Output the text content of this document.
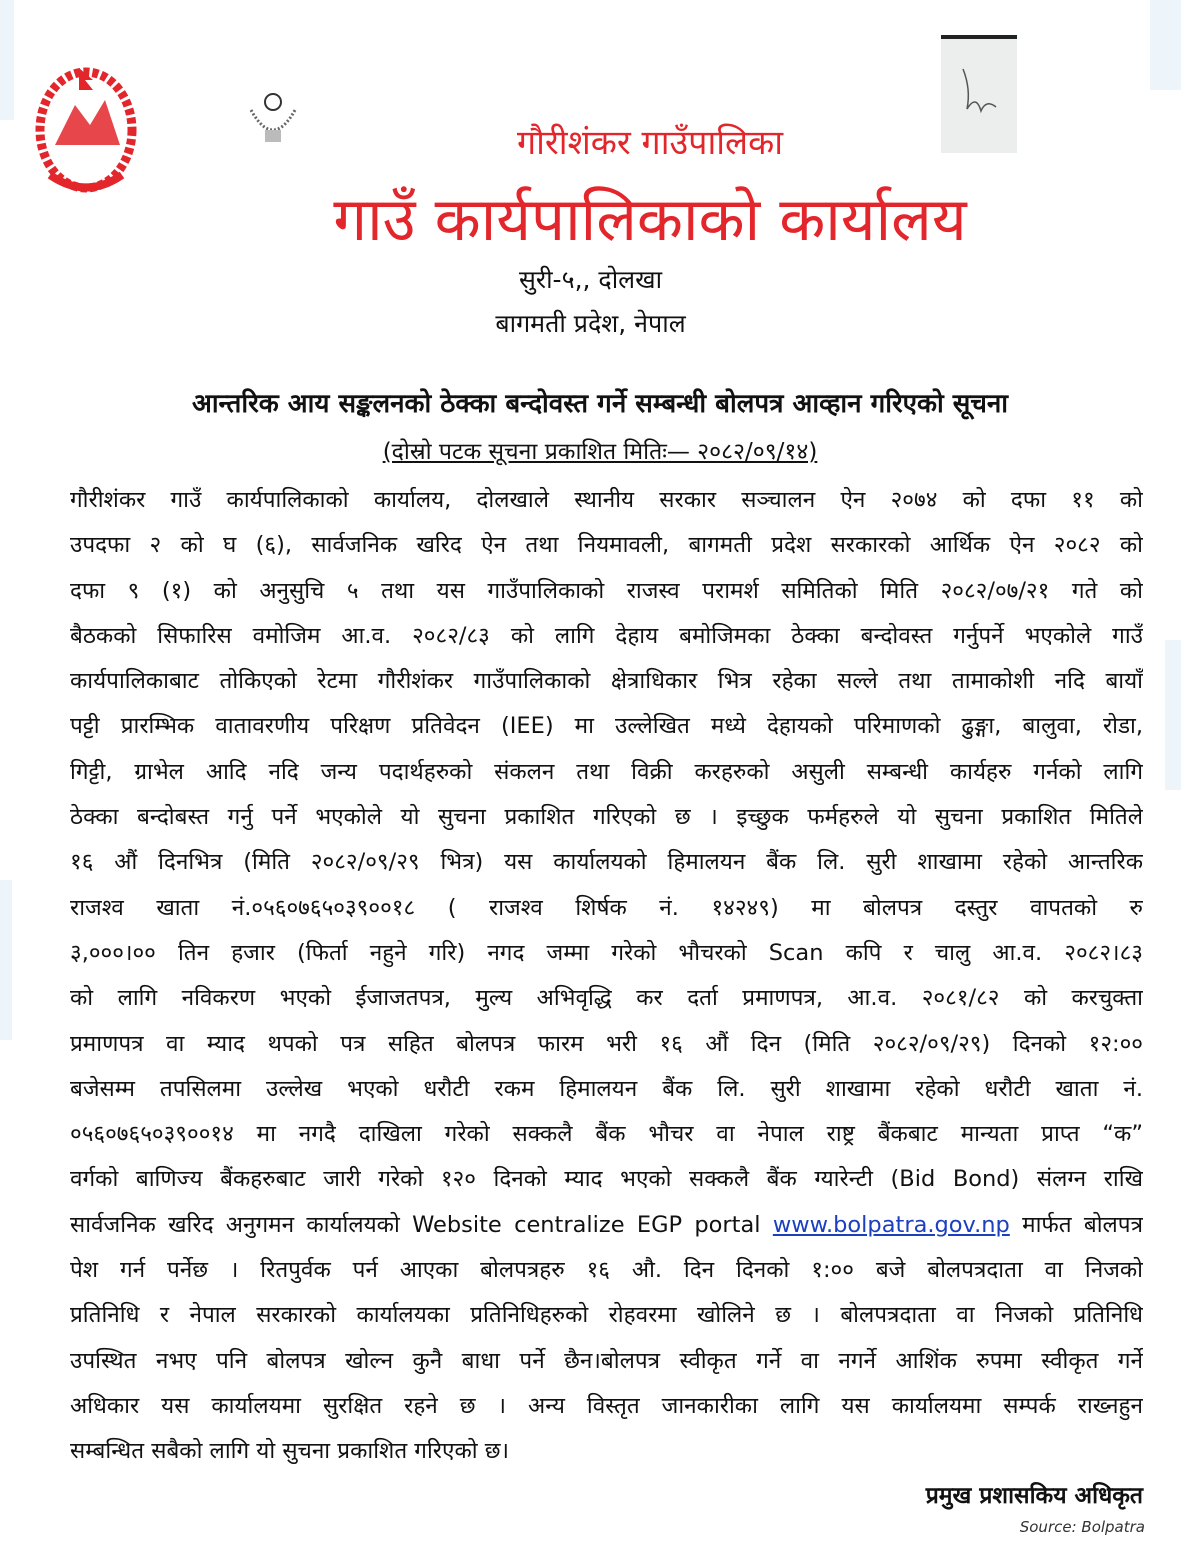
गौरीशंकर गाउँपालिका
गाउँ कार्यपालिकाको कार्यालय
सुरी-५,, दोलखा
बागमती प्रदेश, नेपाल
आन्तरिक आय सङ्कलनको ठेक्का बन्दोवस्त गर्ने सम्बन्धी बोलपत्र आव्हान गरिएको सूचना
(दोस्रो पटक सूचना प्रकाशित मितिः— २०८२/०९/१४)
गौरीशंकर गाउँ कार्यपालिकाको कार्यालय, दोलखाले स्थानीय सरकार सञ्चालन ऐन २०७४ को दफा ११ को
उपदफा २ को घ (६), सार्वजनिक खरिद ऐन तथा नियमावली, बागमती प्रदेश सरकारको आर्थिक ऐन २०८२ को
दफा ९ (१) को अनुसुचि ५ तथा यस गाउँपालिकाको राजस्व परामर्श समितिको मिति २०८२/०७/२१ गते को
बैठकको सिफारिस वमोजिम आ.व. २०८२/८३ को लागि देहाय बमोजिमका ठेक्का बन्दोवस्त गर्नुपर्ने भएकोले गाउँ
कार्यपालिकाबाट तोकिएको रेटमा गौरीशंकर गाउँपालिकाको क्षेत्राधिकार भित्र रहेका सल्ले तथा तामाकोशी नदि बायाँ
पट्टी प्रारम्भिक वातावरणीय परिक्षण प्रतिवेदन (IEE) मा उल्लेखित मध्ये देहायको परिमाणको ढुङ्गा, बालुवा, रोडा,
गिट्टी, ग्राभेल आदि नदि जन्य पदार्थहरुको संकलन तथा विक्री करहरुको असुली सम्बन्धी कार्यहरु गर्नको लागि
ठेक्का बन्दोबस्त गर्नु पर्ने भएकोले यो सुचना प्रकाशित गरिएको छ । इच्छुक फर्महरुले यो सुचना प्रकाशित मितिले
१६ औं दिनभित्र (मिति २०८२/०९/२९ भित्र) यस कार्यालयको हिमालयन बैंक लि. सुरी शाखामा रहेको आन्तरिक
राजश्व खाता नं.०५६०७६५०३९००१८ ( राजश्व शिर्षक नं. १४२४९) मा बोलपत्र दस्तुर वापतको रु
३,०००।०० तिन हजार (फिर्ता नहुने गरि) नगद जम्मा गरेको भौचरको Scan कपि र चालु आ.व. २०८२।८३
को लागि नविकरण भएको ईजाजतपत्र, मुल्य अभिवृद्धि कर दर्ता प्रमाणपत्र, आ.व. २०८१/८२ को करचुक्ता
प्रमाणपत्र वा म्याद थपको पत्र सहित बोलपत्र फारम भरी १६ औं दिन (मिति २०८२/०९/२९) दिनको १२:००
बजेसम्म तपसिलमा उल्लेख भएको धरौटी रकम हिमालयन बैंक लि. सुरी शाखामा रहेको धरौटी खाता नं.
०५६०७६५०३९००१४ मा नगदै दाखिला गरेको सक्कलै बैंक भौचर वा नेपाल राष्ट्र बैंकबाट मान्यता प्राप्त “क”
वर्गको बाणिज्य बैंकहरुबाट जारी गरेको १२० दिनको म्याद भएको सक्कलै बैंक ग्यारेन्टी (Bid Bond) संलग्न राखि
सार्वजनिक खरिद अनुगमन कार्यालयको Website centralize EGP portal www.bolpatra.gov.np मार्फत बोलपत्र
पेश गर्न पर्नेछ । रितपुर्वक पर्न आएका बोलपत्रहरु १६ औ. दिन दिनको १:०० बजे बोलपत्रदाता वा निजको
प्रतिनिधि र नेपाल सरकारको कार्यालयका प्रतिनिधिहरुको रोहवरमा खोलिने छ । बोलपत्रदाता वा निजको प्रतिनिधि
उपस्थित नभए पनि बोलपत्र खोल्न कुनै बाधा पर्ने छैन।बोलपत्र स्वीकृत गर्ने वा नगर्ने आशिंक रुपमा स्वीकृत गर्ने
अधिकार यस कार्यालयमा सुरक्षित रहने छ । अन्य विस्तृत जानकारीका लागि यस कार्यालयमा सम्पर्क राख्नहुन
सम्बन्धित सबैको लागि यो सुचना प्रकाशित गरिएको छ।
प्रमुख प्रशासकिय अधिकृत
Source: Bolpatra
